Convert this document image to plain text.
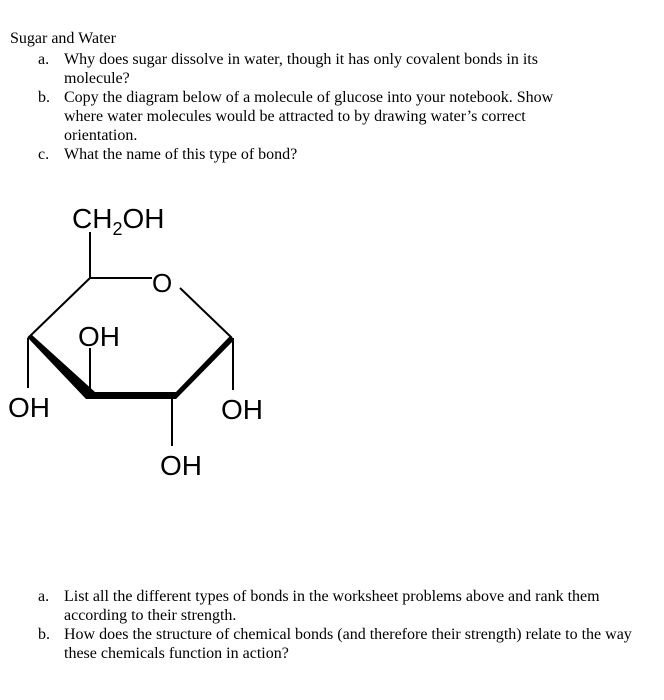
Sugar and Water
a. Why does sugar dissolve in water, though it has only covalent bonds in its
molecule?
b. Copy the diagram below of a molecule of glucose into your notebook. Show
where water molecules would be attracted to by drawing water’s correct
orientation.
c. What the name of this type of bond?
$CH_2OH$
O
OH
OH	OH
OH
a. List all the different types of bonds in the worksheet problems above and rank them
according to their strength.
b. How does the structure of chemical bonds (and therefore their strength) relate to the way
these chemicals function in action?
